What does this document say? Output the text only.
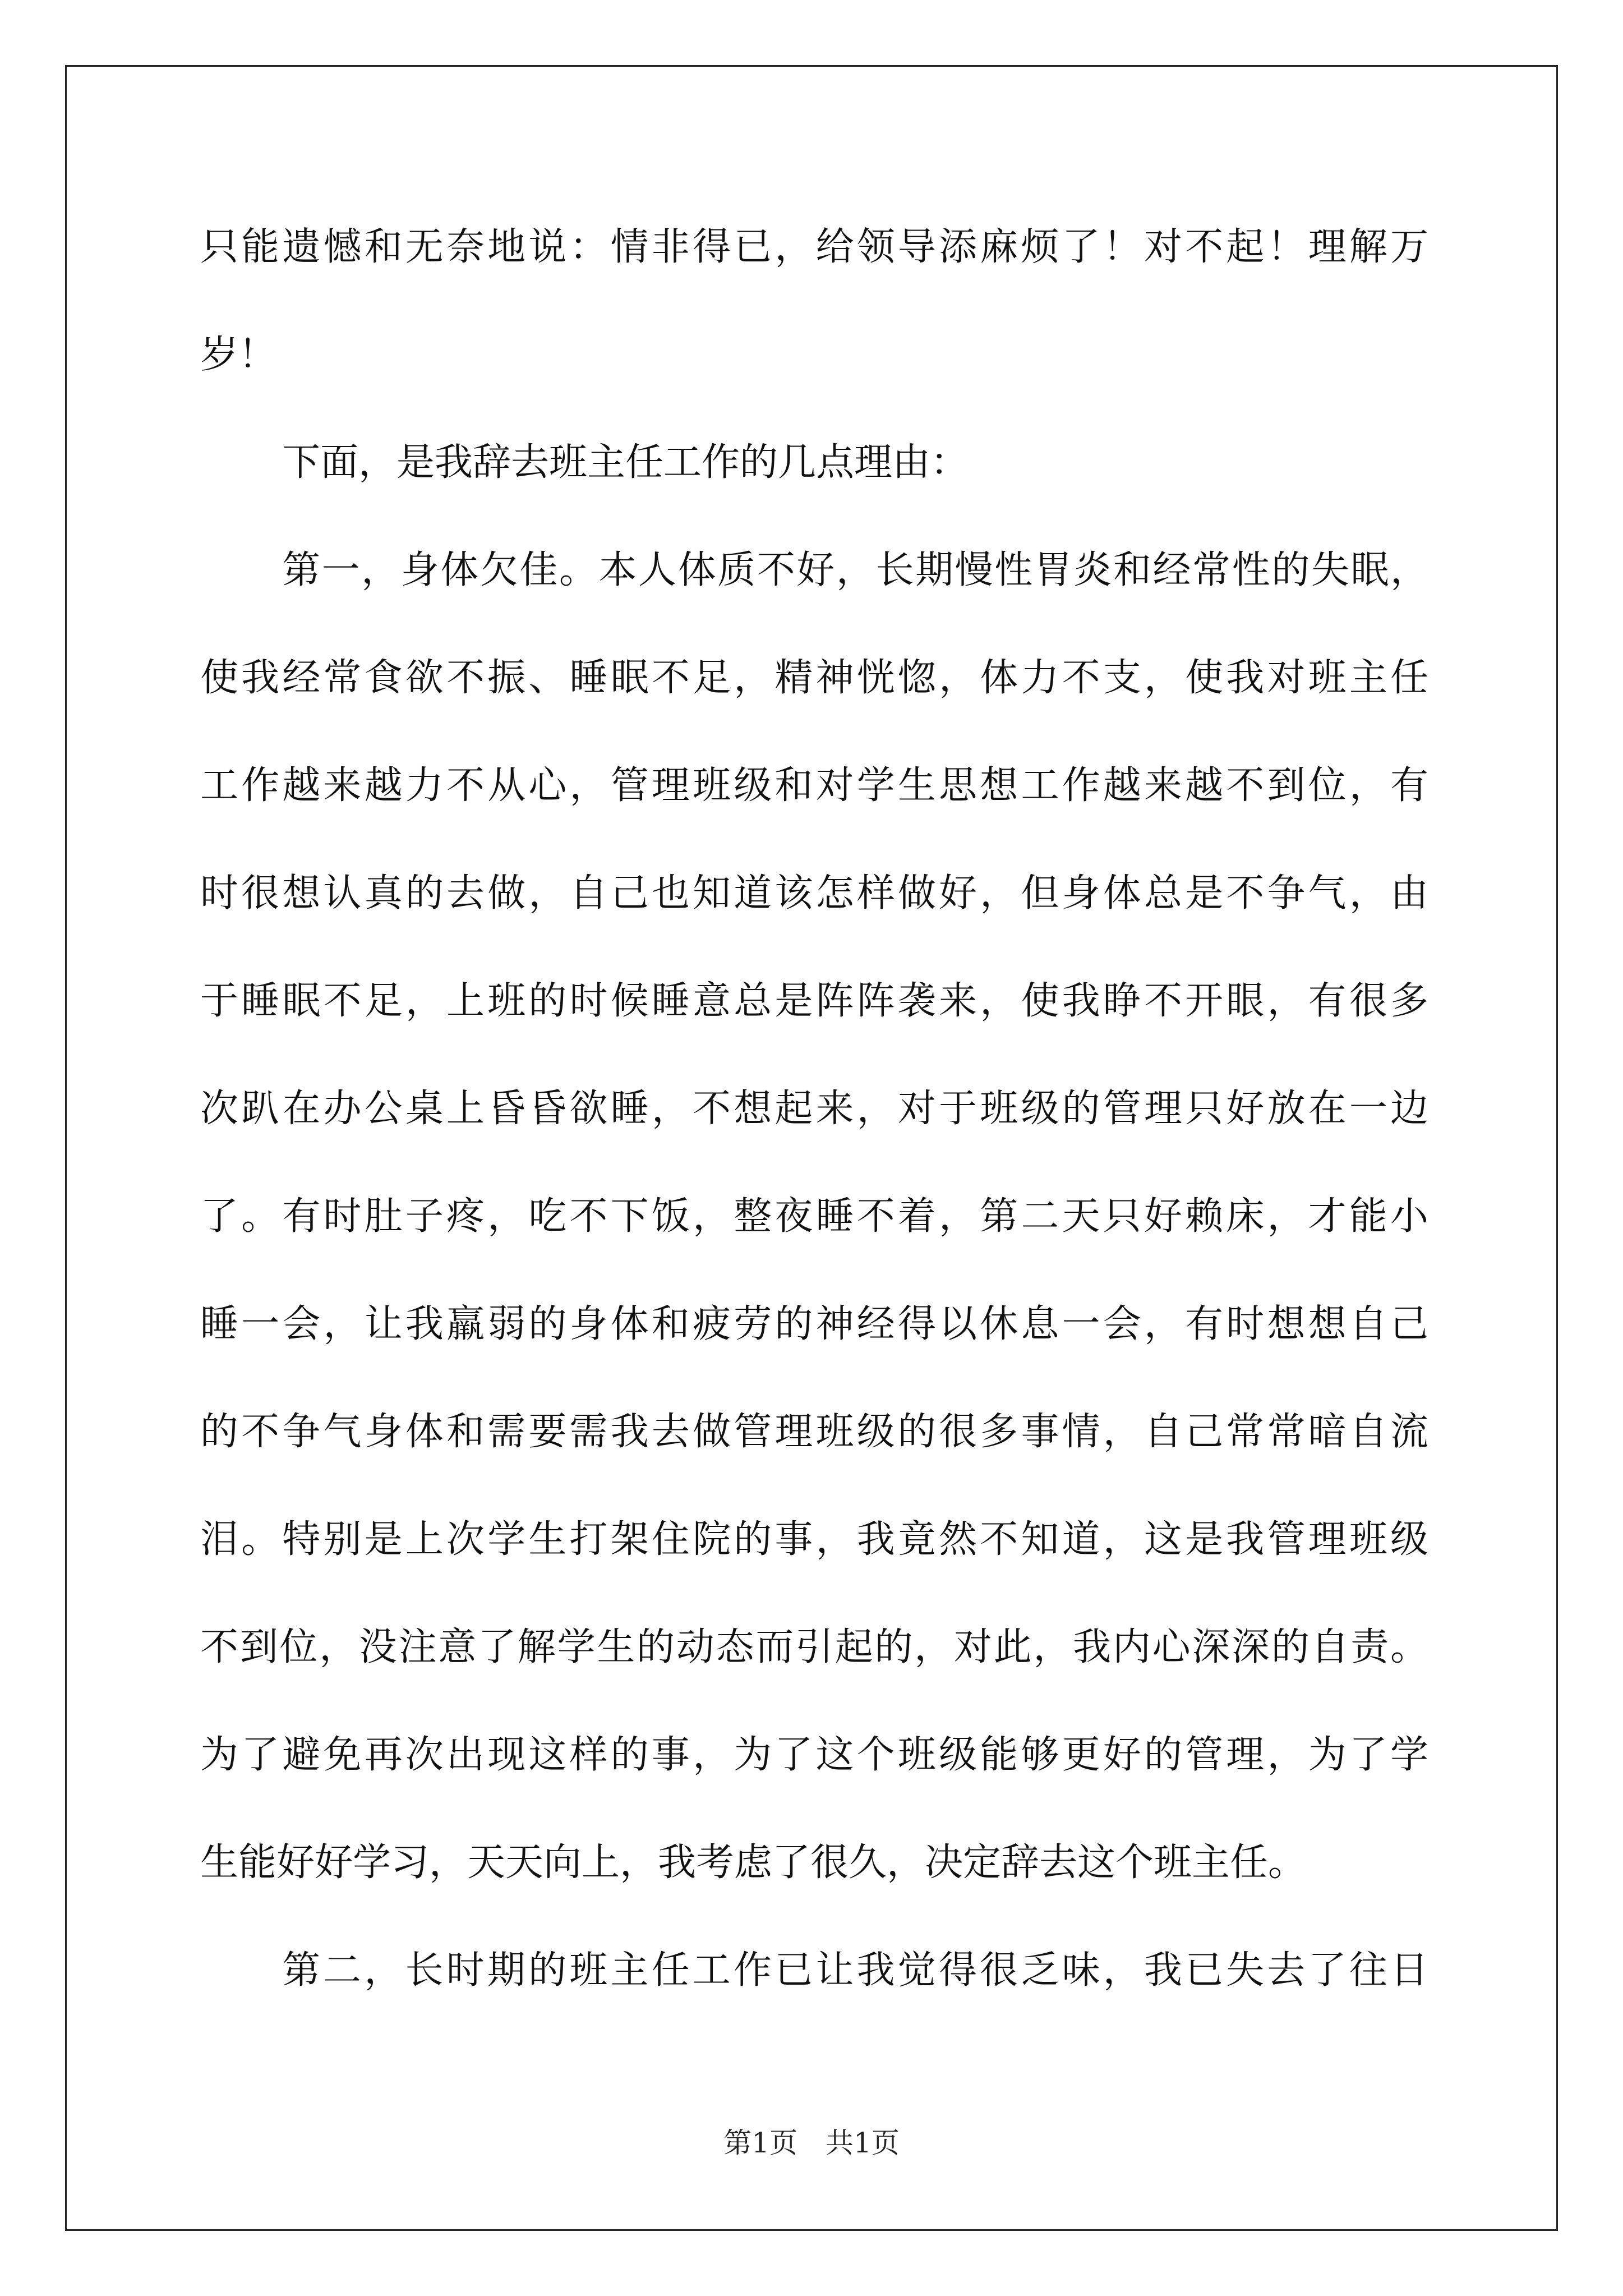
只能遗憾和无奈地说：情非得已，给领导添麻烦了！对不起！理解万
岁！
下面，是我辞去班主任工作的几点理由：
第一，身体欠佳。本人体质不好，长期慢性胃炎和经常性的失眠，
使我经常食欲不振、睡眠不足，精神恍惚，体力不支，使我对班主任
工作越来越力不从心，管理班级和对学生思想工作越来越不到位，有
时很想认真的去做，自己也知道该怎样做好，但身体总是不争气，由
于睡眠不足，上班的时候睡意总是阵阵袭来，使我睁不开眼，有很多
次趴在办公桌上昏昏欲睡，不想起来，对于班级的管理只好放在一边
了。有时肚子疼，吃不下饭，整夜睡不着，第二天只好赖床，才能小
睡一会，让我羸弱的身体和疲劳的神经得以休息一会，有时想想自己
的不争气身体和需要需我去做管理班级的很多事情，自己常常暗自流
泪。特别是上次学生打架住院的事，我竟然不知道，这是我管理班级
不到位，没注意了解学生的动态而引起的，对此，我内心深深的自责。
为了避免再次出现这样的事，为了这个班级能够更好的管理，为了学
生能好好学习，天天向上，我考虑了很久，决定辞去这个班主任。
第二，长时期的班主任工作已让我觉得很乏味，我已失去了往日
第1页　共1页
